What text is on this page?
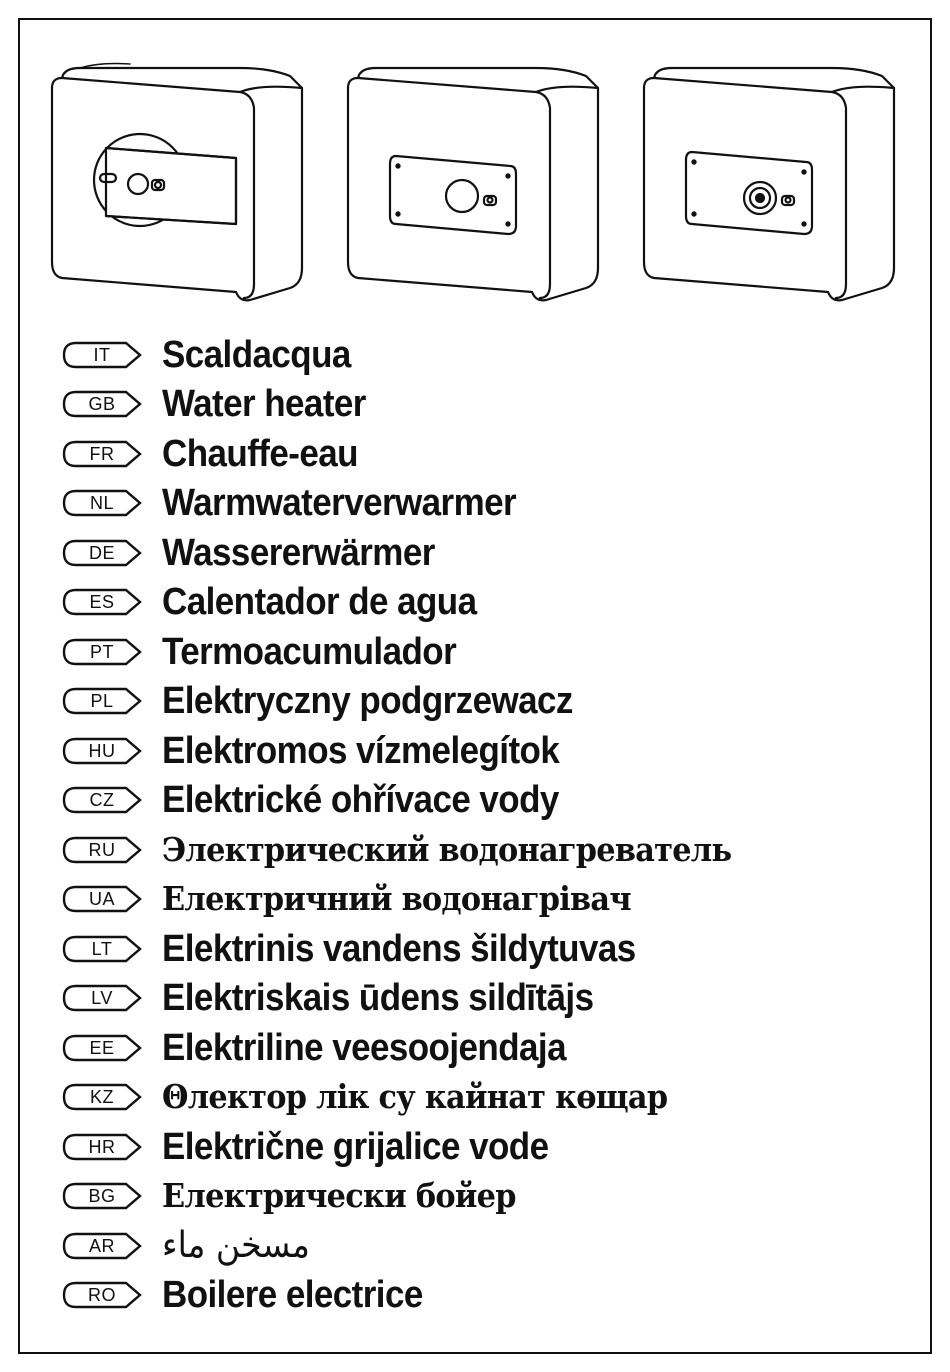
IT	Scaldacqua
GB	Water heater
FR	Chauffe-eau
NL	Warmwaterverwarmer
DE	Wassererwärmer
ES	Calentador de agua
PT	Termoacumulador
PL	Elektryczny podgrzewacz
HU	Elektromos vízmelegítok
CZ	Elektrické ohřívace vody
RU	Электрический водонагреватель
UA	Електричний водонагрiвач
LT	Elektrinis vandens šildytuvas
LV	Elektriskais ūdens sildītājs
EE	Elektriline veesoojendaja
KZ	Θлектор лiк су кайнат көщар
HR	Električne grijalice vode
BG	Електрически бойер
AR	مسخن ماء
RO	Boilere electrice
